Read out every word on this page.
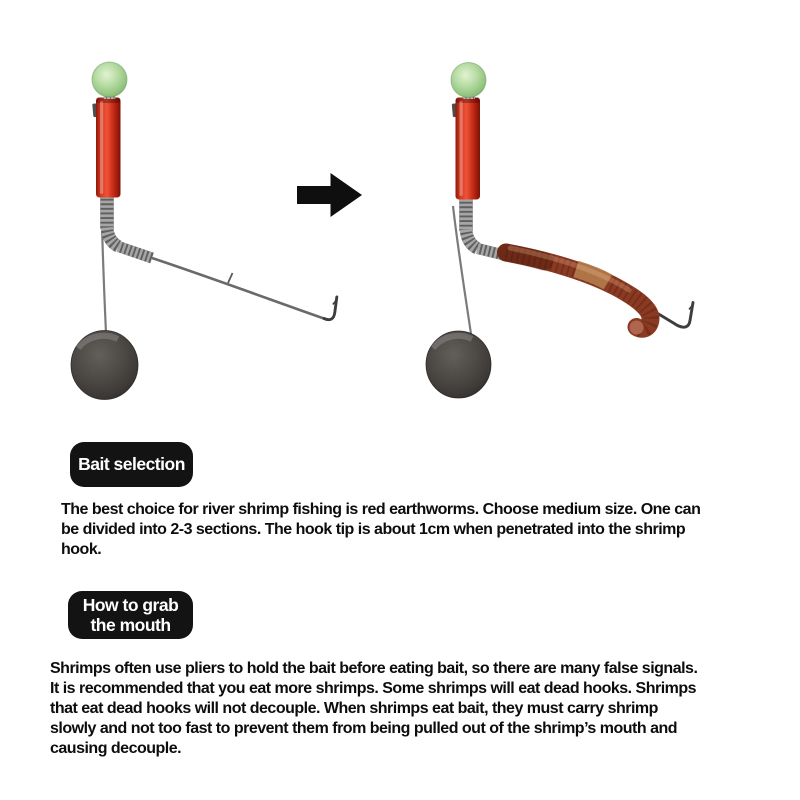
Bait selection
The best choice for river shrimp fishing is red earthworms. Choose medium size. One can
be divided into 2-3 sections. The hook tip is about 1cm when penetrated into the shrimp
hook.
How to grab
the mouth
Shrimps often use pliers to hold the bait before eating bait, so there are many false signals.
It is recommended that you eat more shrimps. Some shrimps will eat dead hooks. Shrimps
that eat dead hooks will not decouple. When shrimps eat bait, they must carry shrimp
slowly and not too fast to prevent them from being pulled out of the shrimp’s mouth and
causing decouple.
